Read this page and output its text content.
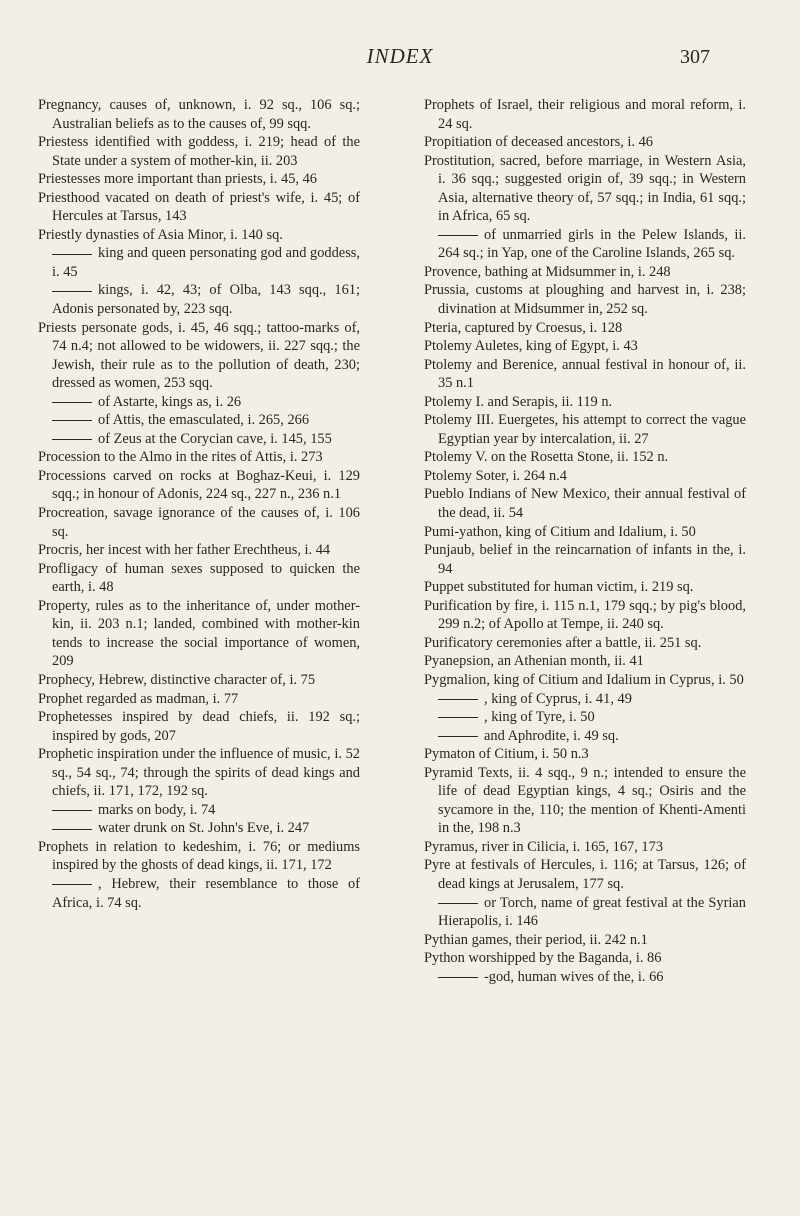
INDEX	307
Pregnancy, causes of, unknown, i. 92 sq., 106 sq.; Australian beliefs as to the causes of, 99 sqq.
Priestess identified with goddess, i. 219; head of the State under a system of mother-kin, ii. 203
Priestesses more important than priests, i. 45, 46
Priesthood vacated on death of priest's wife, i. 45; of Hercules at Tarsus, 143
Priestly dynasties of Asia Minor, i. 140 sq.
king and queen personating god and goddess, i. 45
kings, i. 42, 43; of Olba, 143 sqq., 161; Adonis personated by, 223 sqq.
Priests personate gods, i. 45, 46 sqq.; tattoo-marks of, 74 n.4; not allowed to be widowers, ii. 227 sqq.; the Jewish, their rule as to the pollution of death, 230; dressed as women, 253 sqq.
of Astarte, kings as, i. 26
of Attis, the emasculated, i. 265, 266
of Zeus at the Corycian cave, i. 145, 155
Procession to the Almo in the rites of Attis, i. 273
Processions carved on rocks at Boghaz-Keui, i. 129 sqq.; in honour of Adonis, 224 sq., 227 n., 236 n.1
Procreation, savage ignorance of the causes of, i. 106 sq.
Procris, her incest with her father Erechtheus, i. 44
Profligacy of human sexes supposed to quicken the earth, i. 48
Property, rules as to the inheritance of, under mother-kin, ii. 203 n.1; landed, combined with mother-kin tends to increase the social importance of women, 209
Prophecy, Hebrew, distinctive character of, i. 75
Prophet regarded as madman, i. 77
Prophetesses inspired by dead chiefs, ii. 192 sq.; inspired by gods, 207
Prophetic inspiration under the influence of music, i. 52 sq., 54 sq., 74; through the spirits of dead kings and chiefs, ii. 171, 172, 192 sq.
marks on body, i. 74
water drunk on St. John's Eve, i. 247
Prophets in relation to kedeshim, i. 76; or mediums inspired by the ghosts of dead kings, ii. 171, 172
, Hebrew, their resemblance to those of Africa, i. 74 sq.
Prophets of Israel, their religious and moral reform, i. 24 sq.
Propitiation of deceased ancestors, i. 46
Prostitution, sacred, before marriage, in Western Asia, i. 36 sqq.; suggested origin of, 39 sqq.; in Western Asia, alternative theory of, 57 sqq.; in India, 61 sqq.; in Africa, 65 sq.
of unmarried girls in the Pelew Islands, ii. 264 sq.; in Yap, one of the Caroline Islands, 265 sq.
Provence, bathing at Midsummer in, i. 248
Prussia, customs at ploughing and harvest in, i. 238; divination at Midsummer in, 252 sq.
Pteria, captured by Croesus, i. 128
Ptolemy Auletes, king of Egypt, i. 43
Ptolemy and Berenice, annual festival in honour of, ii. 35 n.1
Ptolemy I. and Serapis, ii. 119 n.
Ptolemy III. Euergetes, his attempt to correct the vague Egyptian year by intercalation, ii. 27
Ptolemy V. on the Rosetta Stone, ii. 152 n.
Ptolemy Soter, i. 264 n.4
Pueblo Indians of New Mexico, their annual festival of the dead, ii. 54
Pumi-yathon, king of Citium and Idalium, i. 50
Punjaub, belief in the reincarnation of infants in the, i. 94
Puppet substituted for human victim, i. 219 sq.
Purification by fire, i. 115 n.1, 179 sqq.; by pig's blood, 299 n.2; of Apollo at Tempe, ii. 240 sq.
Purificatory ceremonies after a battle, ii. 251 sq.
Pyanepsion, an Athenian month, ii. 41
Pygmalion, king of Citium and Idalium in Cyprus, i. 50
, king of Cyprus, i. 41, 49
, king of Tyre, i. 50
and Aphrodite, i. 49 sq.
Pymaton of Citium, i. 50 n.3
Pyramid Texts, ii. 4 sqq., 9 n.; intended to ensure the life of dead Egyptian kings, 4 sq.; Osiris and the sycamore in the, 110; the mention of Khenti-Amenti in the, 198 n.3
Pyramus, river in Cilicia, i. 165, 167, 173
Pyre at festivals of Hercules, i. 116; at Tarsus, 126; of dead kings at Jerusalem, 177 sq.
or Torch, name of great festival at the Syrian Hierapolis, i. 146
Pythian games, their period, ii. 242 n.1
Python worshipped by the Baganda, i. 86
-god, human wives of the, i. 66
